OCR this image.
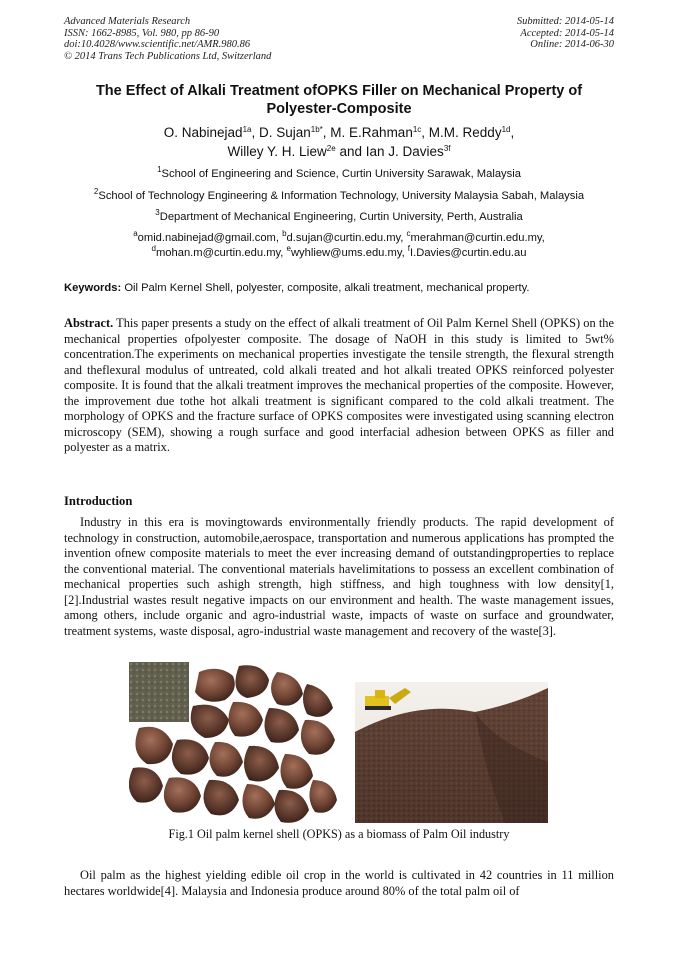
Advanced Materials Research
ISSN: 1662-8985, Vol. 980, pp 86-90
doi:10.4028/www.scientific.net/AMR.980.86
© 2014 Trans Tech Publications Ltd, Switzerland
Submitted: 2014-05-14
Accepted: 2014-05-14
Online: 2014-06-30
The Effect of Alkali Treatment ofOPKS Filler on Mechanical Property of
Polyester-Composite
O. Nabinejad$^{1a}$, D. Sujan$^{1b*}$, M. E.Rahman$^{1c}$, M.M. Reddy$^{1d}$,
Willey Y. H. Liew$^{2e}$ and Ian J. Davies$^{3f}$
$^1$School of Engineering and Science, Curtin University Sarawak, Malaysia
$^2$School of Technology Engineering & Information Technology, University Malaysia Sabah, Malaysia
$^3$Department of Mechanical Engineering, Curtin University, Perth, Australia
$^a$omid.nabinejad@gmail.com, $^b$d.sujan@curtin.edu.my, $^c$merahman@curtin.edu.my,
$^d$mohan.m@curtin.edu.my, $^e$wyhliew@ums.edu.my, $^f$I.Davies@curtin.edu.au
Keywords: Oil Palm Kernel Shell, polyester, composite, alkali treatment, mechanical property.
Abstract. This paper presents a study on the effect of alkali treatment of Oil Palm Kernel Shell (OPKS) on the mechanical properties ofpolyester composite. The dosage of NaOH in this study is limited to 5wt% concentration.The experiments on mechanical properties investigate the tensile strength, the flexural strength and theflexural modulus of untreated, cold alkali treated and hot alkali treated OPKS reinforced polyester composite. It is found that the alkali treatment improves the mechanical properties of the composite. However, the improvement due tothe hot alkali treatment is significant compared to the cold alkali treatment. The morphology of OPKS and the fracture surface of OPKS composites were investigated using scanning electron microscopy (SEM), showing a rough surface and good interfacial adhesion between OPKS as filler and polyester as a matrix.
Introduction
Industry in this era is movingtowards environmentally friendly products. The rapid development of technology in construction, automobile,aerospace, transportation and numerous applications has prompted the invention ofnew composite materials to meet the ever increasing demand of outstandingproperties to replace the conventional material. The conventional materials havelimitations to possess an excellent combination of mechanical properties such ashigh strength, high stiffness, and high toughness with low density[1, [2].Industrial wastes result negative impacts on our environment and health. The waste management issues, among others, include organic and agro-industrial waste, impacts of waste on surface and groundwater, treatment systems, waste disposal, agro-industrial waste management and recovery of the waste[3].
Fig.1 Oil palm kernel shell (OPKS) as a biomass of Palm Oil industry
Oil palm as the highest yielding edible oil crop in the world is cultivated in 42 countries in 11 million hectares worldwide[4]. Malaysia and Indonesia produce around 80% of the total palm oil of
